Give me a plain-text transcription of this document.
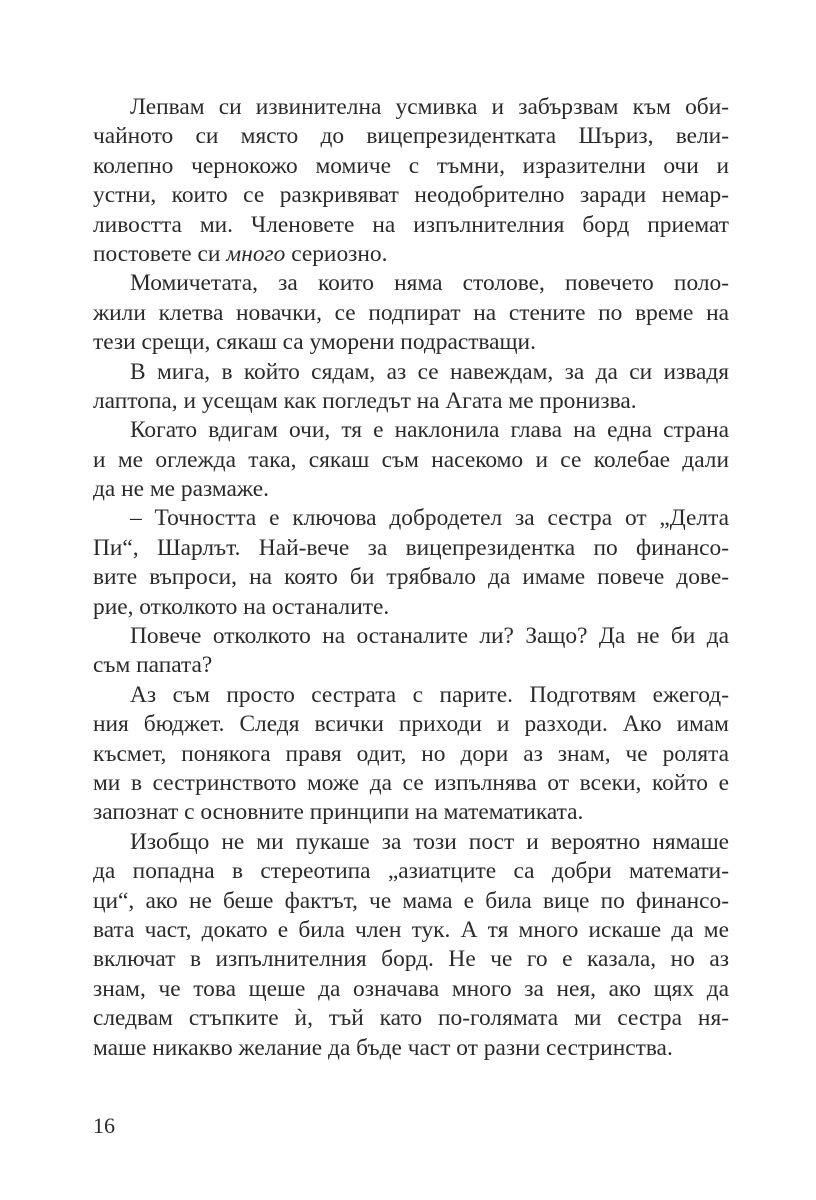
Лепвам си извинителна усмивка и забързвам към оби-
чайното си място до вицепрезидентката Шъриз, вели-
колепно чернокожо момиче с тъмни, изразителни очи и
устни, които се разкривяват неодобрително заради немар-
ливостта ми. Членовете на изпълнителния борд приемат
постовете си много сериозно.
Момичетата, за които няма столове, повечето поло-
жили клетва новачки, се подпират на стените по време на
тези срещи, сякаш са уморени подрастващи.
В мига, в който сядам, аз се навеждам, за да си извадя
лаптопа, и усещам как погледът на Агата ме пронизва.
Когато вдигам очи, тя е наклонила глава на една страна
и ме оглежда така, сякаш съм насекомо и се колебае дали
да не ме размаже.
– Точността е ключова добродетел за сестра от „Делта
Пи“, Шарлът. Най-вече за вицепрезидентка по финансо-
вите въпроси, на която би трябвало да имаме повече дове-
рие, отколкото на останалите.
Повече отколкото на останалите ли? Защо? Да не би да
съм папата?
Аз съм просто сестрата с парите. Подготвям ежегод-
ния бюджет. Следя всички приходи и разходи. Ако имам
късмет, понякога правя одит, но дори аз знам, че ролята
ми в сестринството може да се изпълнява от всеки, който е
запознат с основните принципи на математиката.
Изобщо не ми пукаше за този пост и вероятно нямаше
да попадна в стереотипа „азиатците са добри математи-
ци“, ако не беше фактът, че мама е била вице по финансо-
вата част, докато е била член тук. А тя много искаше да ме
включат в изпълнителния борд. Не че го е казала, но аз
знам, че това щеше да означава много за нея, ако щях да
следвам стъпките ѝ, тъй като по-голямата ми сестра ня-
маше никакво желание да бъде част от разни сестринства.
16
